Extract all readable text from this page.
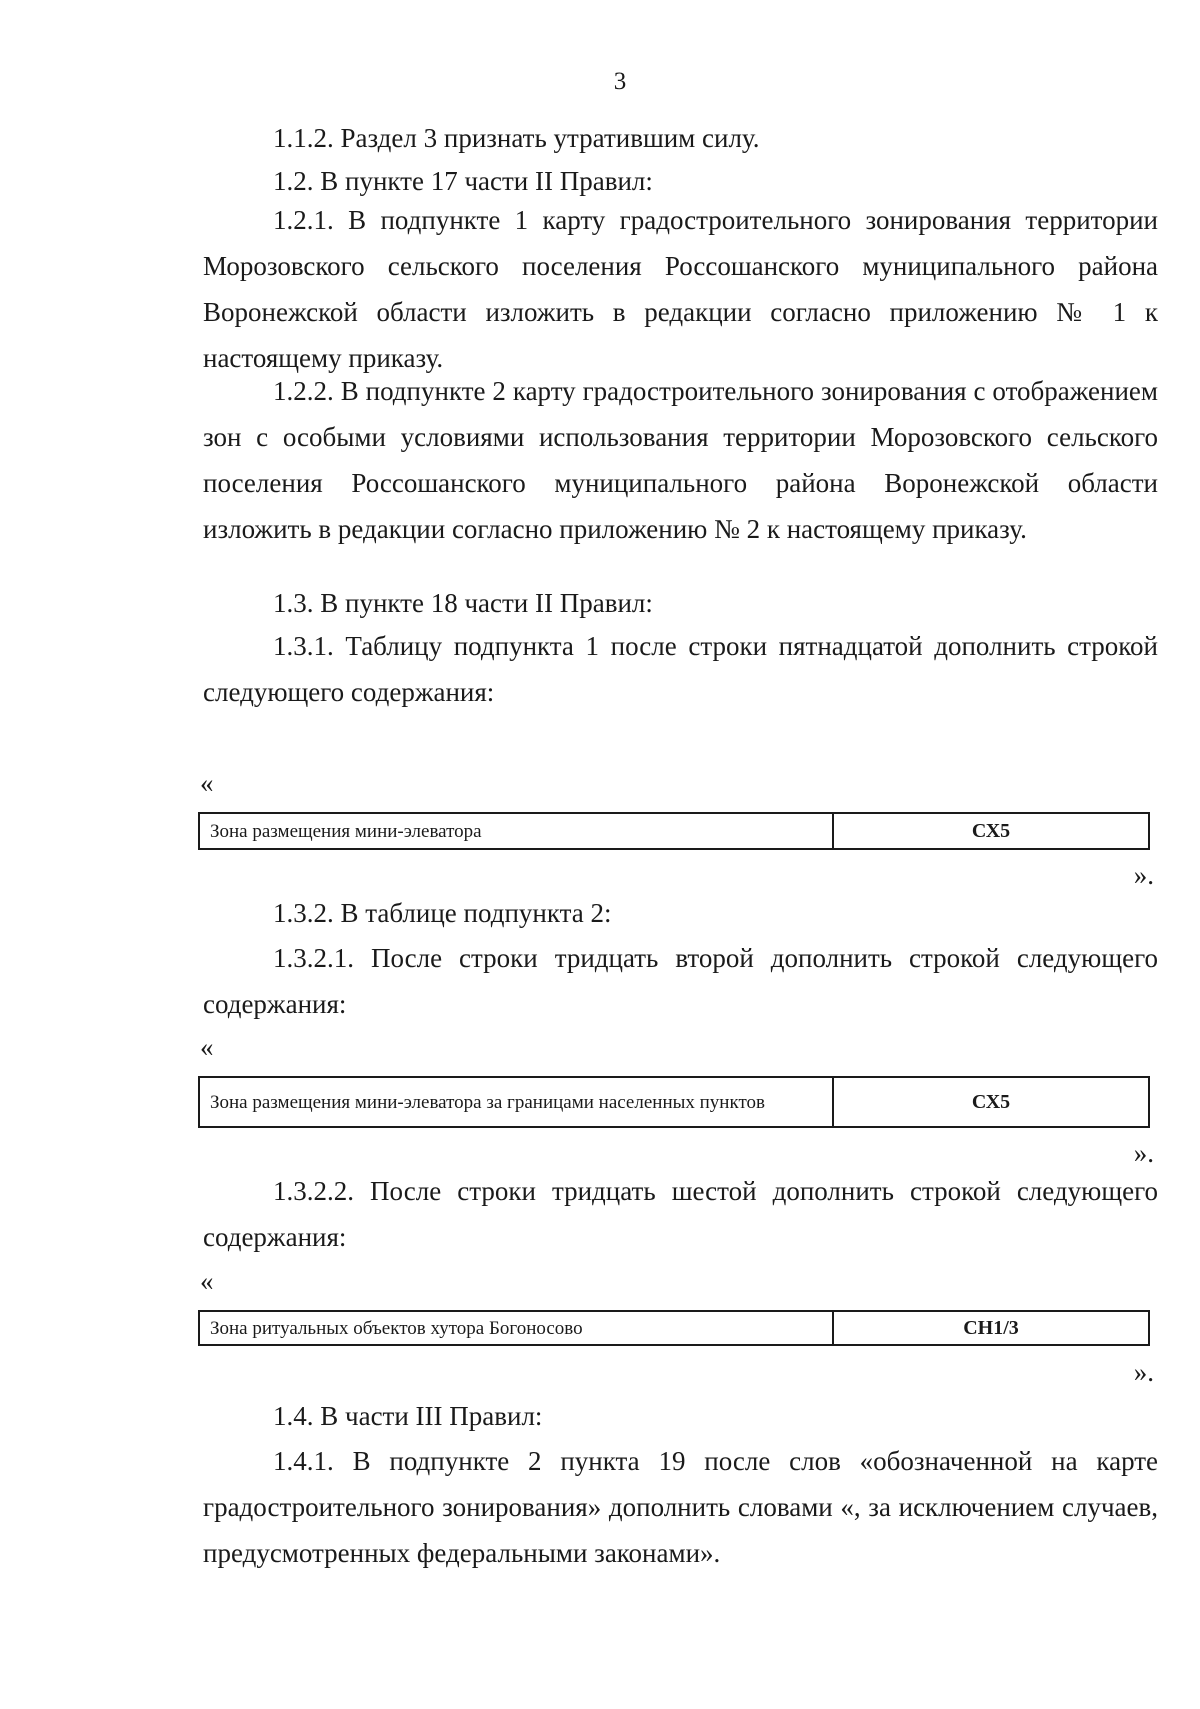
3

1.1.2. Раздел 3 признать утратившим силу.

1.2. В пункте 17 части II Правил:

1.2.1. В подпункте 1 карту градостроительного зонирования территории Морозовского сельского поселения Россошанского муниципального района Воронежской области изложить в редакции согласно приложению № 1 к настоящему приказу.

1.2.2. В подпункте 2 карту градостроительного зонирования с отображением зон с особыми условиями использования территории Морозовского сельского поселения Россошанского муниципального района Воронежской области изложить в редакции согласно приложению № 2 к настоящему приказу.

1.3. В пункте 18 части II Правил:

1.3.1. Таблицу подпункта 1 после строки пятнадцатой дополнить строкой следующего содержания:

«
Зона размещения мини-элеватора	СХ5
».

1.3.2. В таблице подпункта 2:

1.3.2.1. После строки тридцать второй дополнить строкой следующего содержания:

«
Зона размещения мини-элеватора за границами населенных пунктов	СХ5
».

1.3.2.2. После строки тридцать шестой дополнить строкой следующего содержания:

«
Зона ритуальных объектов хутора Богоносово	СН1/3
».

1.4. В части III Правил:

1.4.1. В подпункте 2 пункта 19 после слов «обозначенной на карте градостроительного зонирования» дополнить словами «, за исключением случаев, предусмотренных федеральными законами».
